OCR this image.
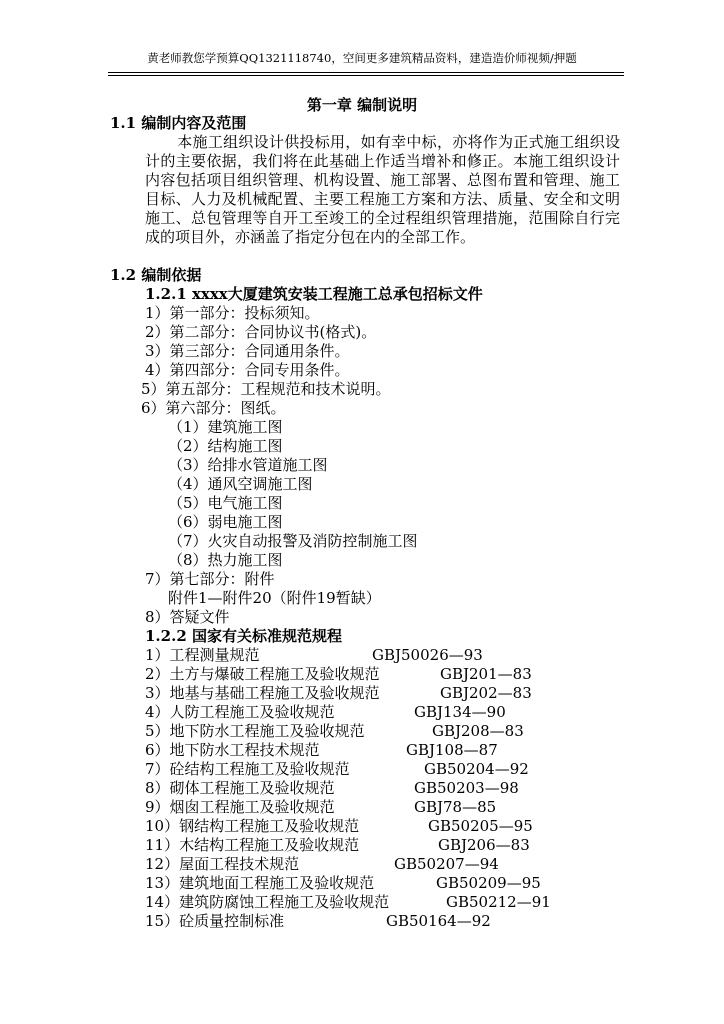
黄老师教您学预算QQ1321118740，空间更多建筑精品资料，建造造价师视频/押题
第一章 编制说明
1.1 编制内容及范围
本施工组织设计供投标用，如有幸中标，亦将作为正式施工组织设计的主要依据，我们将在此基础上作适当增补和修正。本施工组织设计内容包括项目组织管理、机构设置、施工部署、总图布置和管理、施工目标、人力及机械配置、主要工程施工方案和方法、质量、安全和文明施工、总包管理等自开工至竣工的全过程组织管理措施，范围除自行完成的项目外，亦涵盖了指定分包在内的全部工作。
1.2 编制依据
1.2.1 xxxx大厦建筑安装工程施工总承包招标文件
1）第一部分：投标须知。
2）第二部分：合同协议书(格式)。
3）第三部分：合同通用条件。
4）第四部分：合同专用条件。
5）第五部分：工程规范和技术说明。
6）第六部分：图纸。
（1）建筑施工图
（2）结构施工图
（3）给排水管道施工图
（4）通风空调施工图
（5）电气施工图
（6）弱电施工图
（7）火灾自动报警及消防控制施工图
（8）热力施工图
7）第七部分：附件
附件1—附件20（附件19暂缺）
8）答疑文件
1.2.2 国家有关标准规范规程
1）工程测量规范	GBJ50026—93
2）土方与爆破工程施工及验收规范	GBJ201—83
3）地基与基础工程施工及验收规范	GBJ202—83
4）人防工程施工及验收规范	GBJ134—90
5）地下防水工程施工及验收规范	GBJ208—83
6）地下防水工程技术规范	GBJ108—87
7）砼结构工程施工及验收规范	GB50204—92
8）砌体工程施工及验收规范	GB50203—98
9）烟囱工程施工及验收规范	GBJ78—85
10）钢结构工程施工及验收规范	GB50205—95
11）木结构工程施工及验收规范	GBJ206—83
12）屋面工程技术规范	GB50207—94
13）建筑地面工程施工及验收规范	GB50209—95
14）建筑防腐蚀工程施工及验收规范	GB50212—91
15）砼质量控制标准	GB50164—92
